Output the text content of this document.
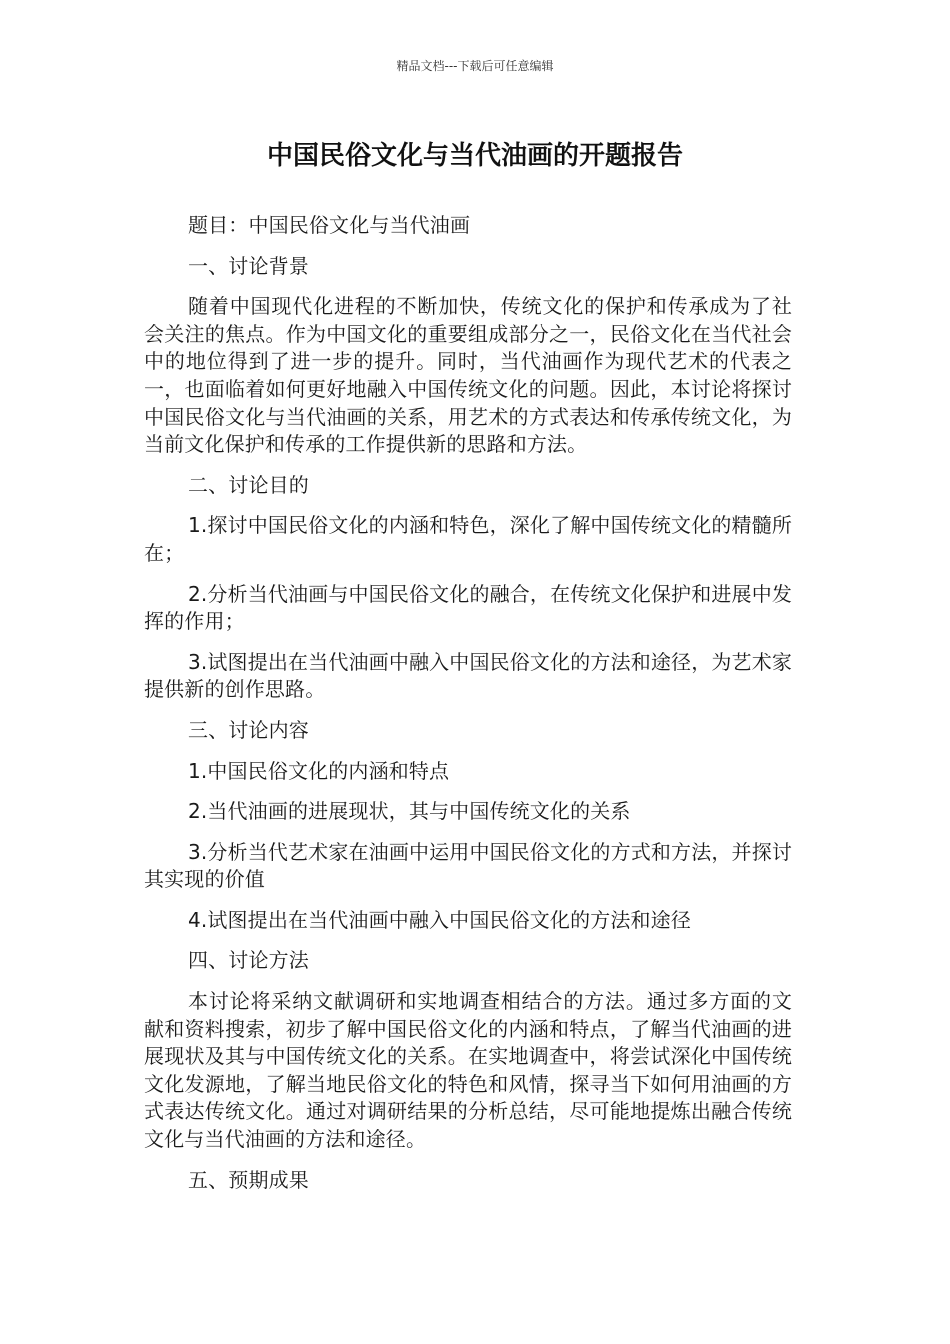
精品文档---下载后可任意编辑
中国民俗文化与当代油画的开题报告

题目：中国民俗文化与当代油画

一、讨论背景

随着中国现代化进程的不断加快，传统文化的保护和传承成为了社会关注的焦点。作为中国文化的重要组成部分之一，民俗文化在当代社会中的地位得到了进一步的提升。同时，当代油画作为现代艺术的代表之一，也面临着如何更好地融入中国传统文化的问题。因此，本讨论将探讨中国民俗文化与当代油画的关系，用艺术的方式表达和传承传统文化，为当前文化保护和传承的工作提供新的思路和方法。

二、讨论目的

1.探讨中国民俗文化的内涵和特色，深化了解中国传统文化的精髓所在；

2.分析当代油画与中国民俗文化的融合，在传统文化保护和进展中发挥的作用；

3.试图提出在当代油画中融入中国民俗文化的方法和途径，为艺术家提供新的创作思路。

三、讨论内容

1.中国民俗文化的内涵和特点

2.当代油画的进展现状，其与中国传统文化的关系

3.分析当代艺术家在油画中运用中国民俗文化的方式和方法，并探讨其实现的价值

4.试图提出在当代油画中融入中国民俗文化的方法和途径

四、讨论方法

本讨论将采纳文献调研和实地调查相结合的方法。通过多方面的文献和资料搜索，初步了解中国民俗文化的内涵和特点，了解当代油画的进展现状及其与中国传统文化的关系。在实地调查中，将尝试深化中国传统文化发源地，了解当地民俗文化的特色和风情，探寻当下如何用油画的方式表达传统文化。通过对调研结果的分析总结，尽可能地提炼出融合传统文化与当代油画的方法和途径。

五、预期成果
